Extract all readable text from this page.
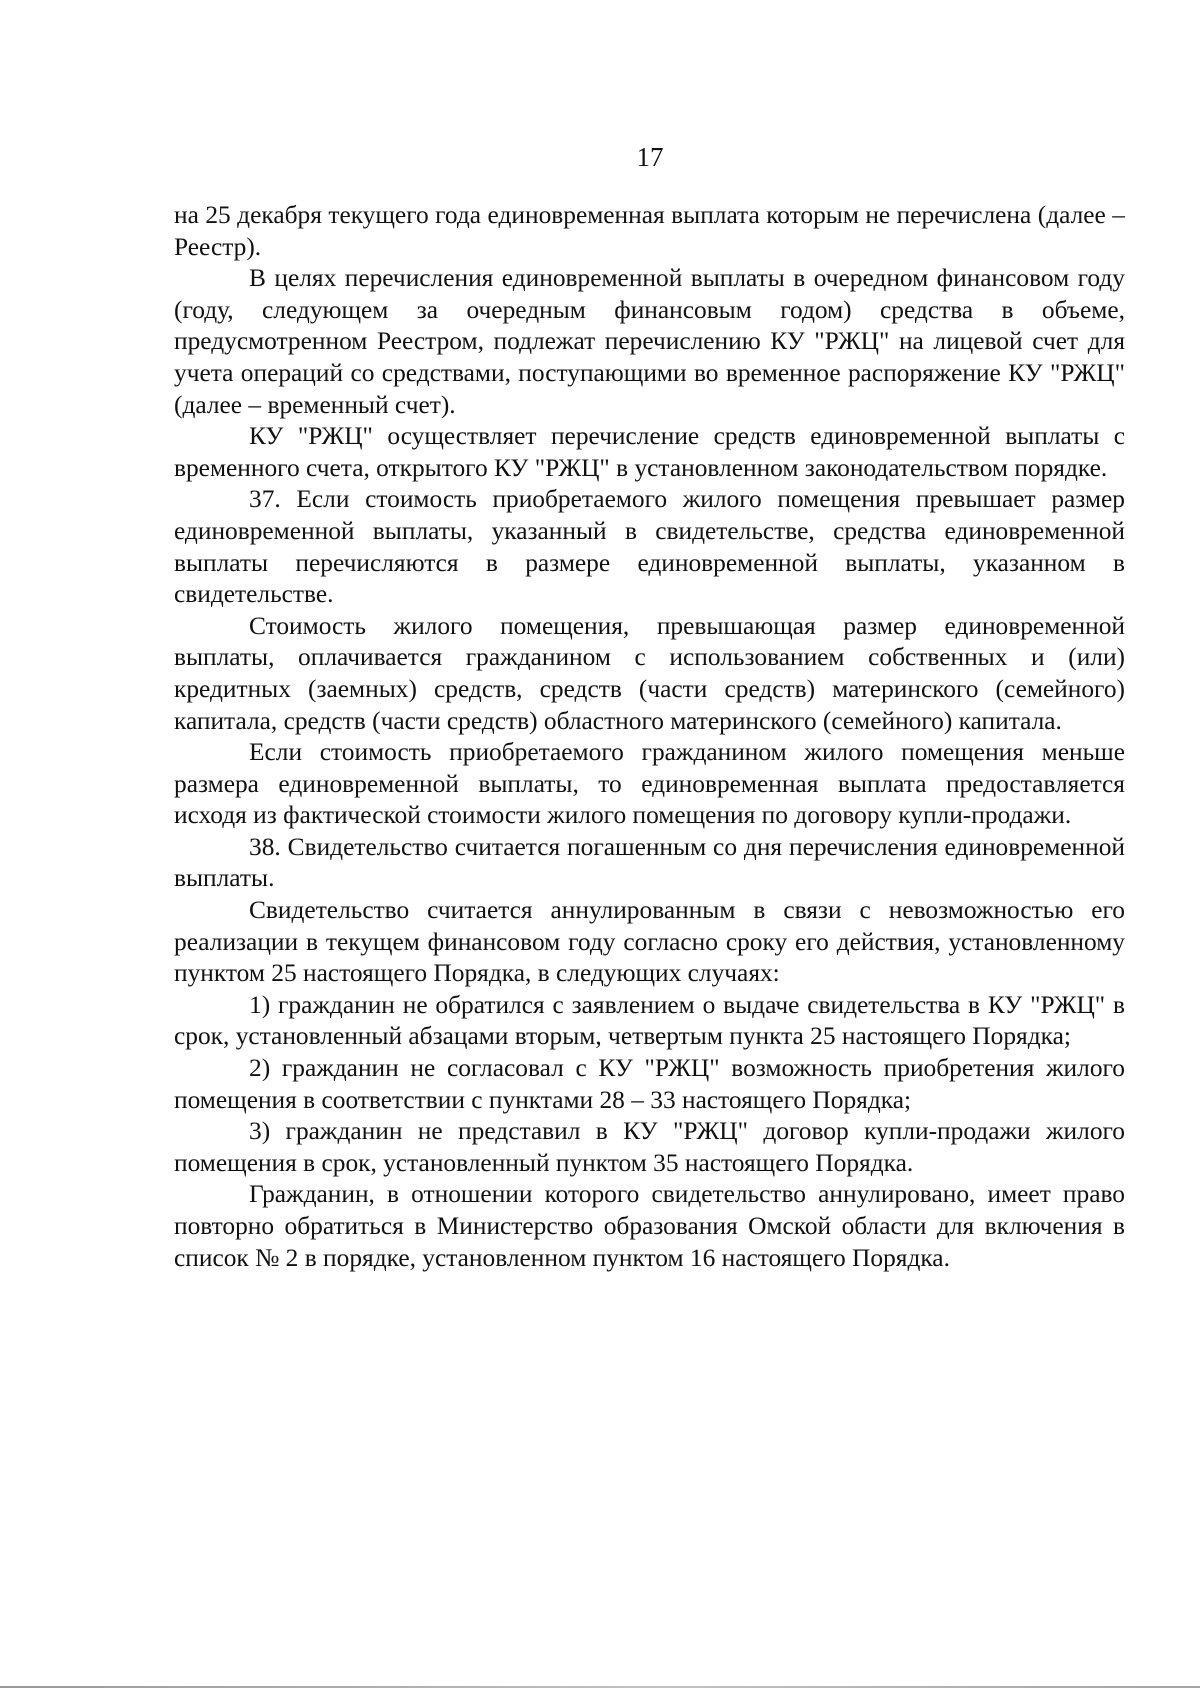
17

на 25 декабря текущего года единовременная выплата которым не перечислена (далее – Реестр).

В целях перечисления единовременной выплаты в очередном финансовом году (году, следующем за очередным финансовым годом) средства в объеме, предусмотренном Реестром, подлежат перечислению КУ "РЖЦ" на лицевой счет для учета операций со средствами, поступающими во временное распоряжение КУ "РЖЦ" (далее – временный счет).

КУ "РЖЦ" осуществляет перечисление средств единовременной выплаты с временного счета, открытого КУ "РЖЦ" в установленном законодательством порядке.

37. Если стоимость приобретаемого жилого помещения превышает размер единовременной выплаты, указанный в свидетельстве, средства единовременной выплаты перечисляются в размере единовременной выплаты, указанном в свидетельстве.

Стоимость жилого помещения, превышающая размер единовременной выплаты, оплачивается гражданином с использованием собственных и (или) кредитных (заемных) средств, средств (части средств) материнского (семейного) капитала, средств (части средств) областного материнского (семейного) капитала.

Если стоимость приобретаемого гражданином жилого помещения меньше размера единовременной выплаты, то единовременная выплата предоставляется исходя из фактической стоимости жилого помещения по договору купли-продажи.

38. Свидетельство считается погашенным со дня перечисления единовременной выплаты.

Свидетельство считается аннулированным в связи с невозможностью его реализации в текущем финансовом году согласно сроку его действия, установленному пунктом 25 настоящего Порядка, в следующих случаях:

1) гражданин не обратился с заявлением о выдаче свидетельства в КУ "РЖЦ" в срок, установленный абзацами вторым, четвертым пункта 25 настоящего Порядка;

2) гражданин не согласовал с КУ "РЖЦ" возможность приобретения жилого помещения в соответствии с пунктами 28 – 33 настоящего Порядка;

3) гражданин не представил в КУ "РЖЦ" договор купли-продажи жилого помещения в срок, установленный пунктом 35 настоящего Порядка.

Гражданин, в отношении которого свидетельство аннулировано, имеет право повторно обратиться в Министерство образования Омской области для включения в список № 2 в порядке, установленном пунктом 16 настоящего Порядка.
